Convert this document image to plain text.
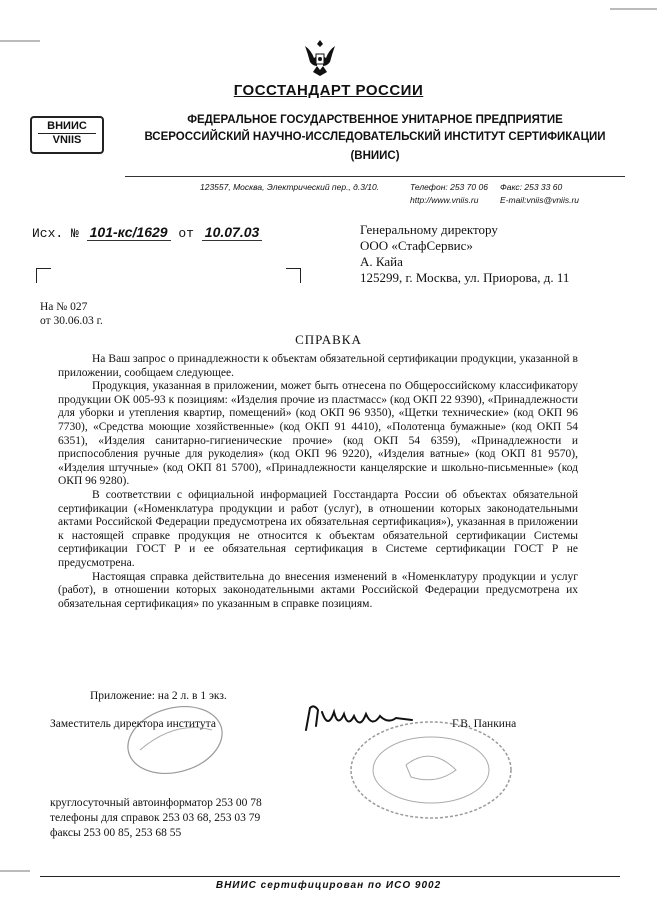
ГОССТАНДАРТ РОССИИ
ВНИИС
VNIIS
ФЕДЕРАЛЬНОЕ ГОСУДАРСТВЕННОЕ УНИТАРНОЕ ПРЕДПРИЯТИЕ
ВСЕРОССИЙСКИЙ НАУЧНО-ИССЛЕДОВАТЕЛЬСКИЙ ИНСТИТУТ СЕРТИФИКАЦИИ
(ВНИИС)
123557, Москва, Электрический пер., д.3/10.	Телефон: 253 70 06 Факс: 253 33 60
http://www.vniis.ru	E-mail:vniis@vniis.ru
Исх. № 101-кс/1629 от 10.07.03	Генеральному директору
ООО «СтафСервис»
А. Кайа
125299, г. Москва, ул. Приорова, д. 11
На № 027
от 30.06.03 г.
СПРАВКА

На Ваш запрос о принадлежности к объектам обязательной сертификации продукции, указанной в приложении, сообщаем следующее.

Продукция, указанная в приложении, может быть отнесена по Общероссийскому классификатору продукции ОК 005-93 к позициям: «Изделия прочие из пластмасс» (код ОКП 22 9390), «Принадлежности для уборки и утепления квартир, помещений» (код ОКП 96 9350), «Щетки технические» (код ОКП 96 7730), «Средства моющие хозяйственные» (код ОКП 91 4410), «Полотенца бумажные» (код ОКП 54 6351), «Изделия санитарно-гигиенические прочие» (код ОКП 54 6359), «Принадлежности и приспособления ручные для рукоделия» (код ОКП 96 9220), «Изделия ватные» (код ОКП 81 9570), «Изделия штучные» (код ОКП 81 5700), «Принадлежности канцелярские и школьно-письменные» (код ОКП 96 9280).

В соответствии с официальной информацией Госстандарта России об объектах обязательной сертификации («Номенклатура продукции и работ (услуг), в отношении которых законодательными актами Российской Федерации предусмотрена их обязательная сертификация»), указанная в приложении к настоящей справке продукция не относится к объектам обязательной сертификации Системы сертификации ГОСТ Р и ее обязательная сертификация в Системе сертификации ГОСТ Р не предусмотрена.

Настоящая справка действительна до внесения изменений в «Номенклатуру продукции и услуг (работ), в отношении которых законодательными актами Российской Федерации предусмотрена их обязательная сертификация» по указанным в справке позициям.

Приложение: на 2 л. в 1 экз.
Заместитель директора института	Г.В. Панкина
круглосуточный автоинформатор 253 00 78
телефоны для справок 253 03 68, 253 03 79
факсы 253 00 85, 253 68 55
ВНИИС сертифицирован по ИСО 9002
